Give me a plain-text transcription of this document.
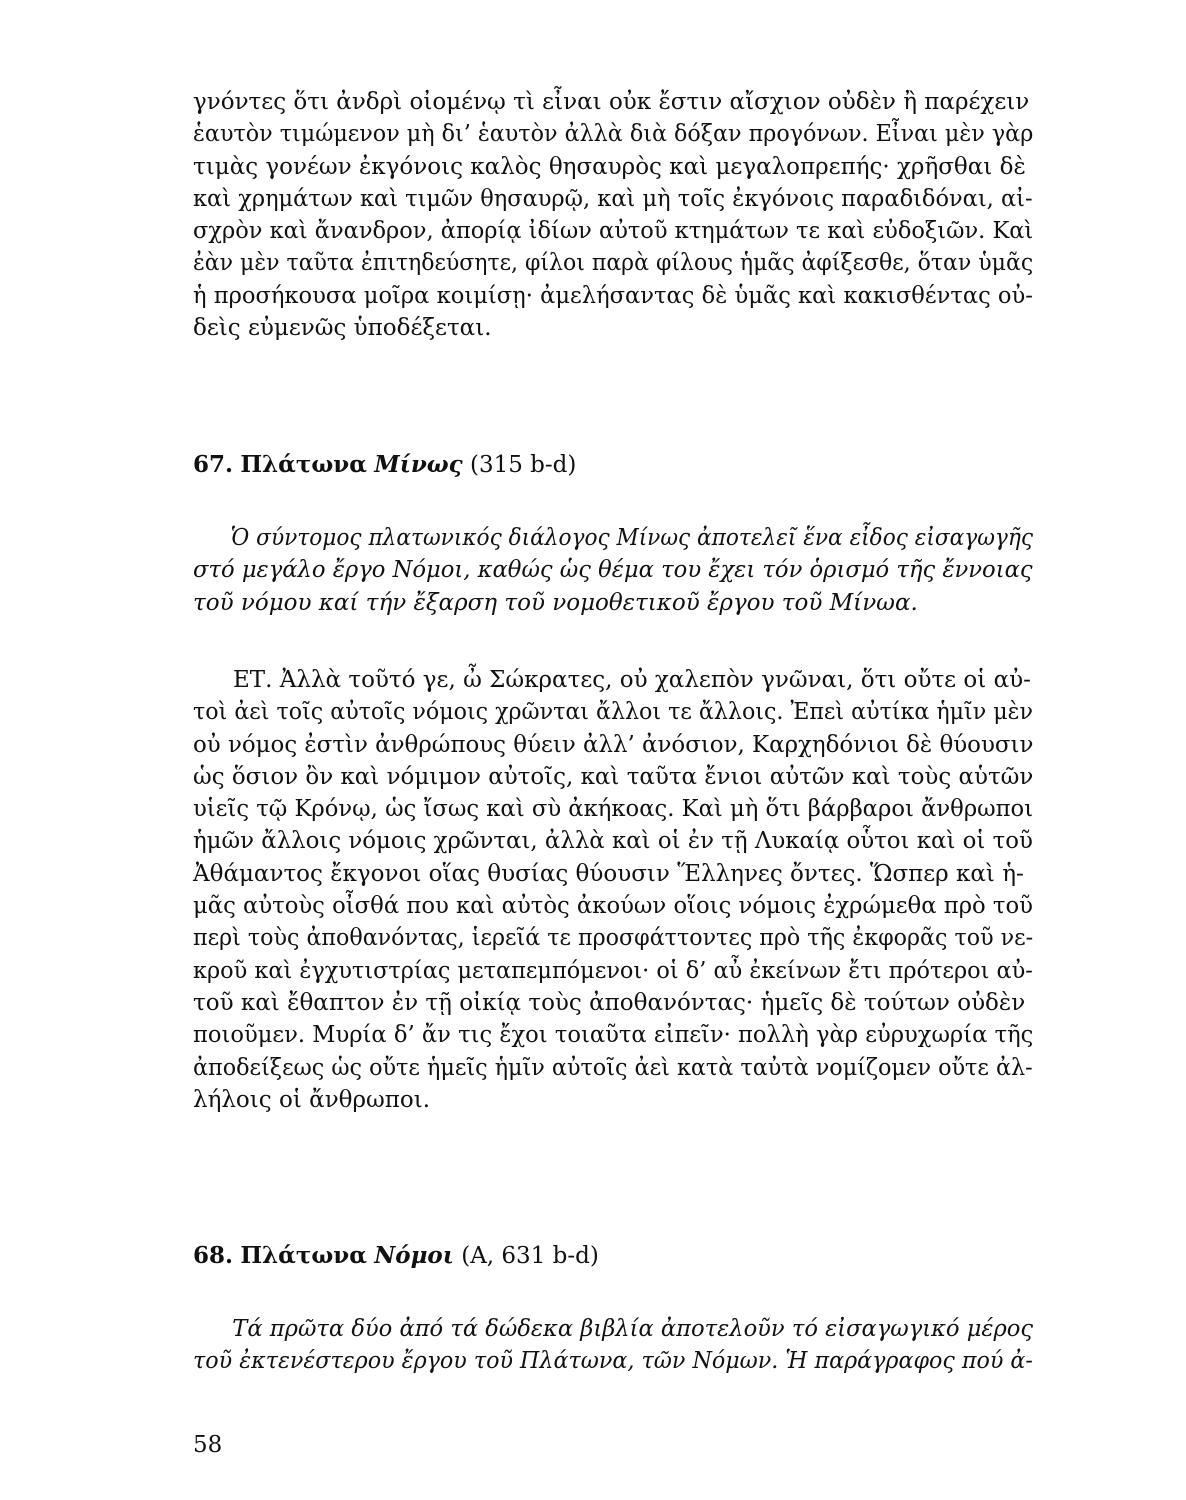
γνόντες ὅτι ἀνδρὶ οἰομένῳ τὶ εἶναι οὐκ ἔστιν αἴσχιον οὐδὲν ἢ παρέχειν
ἑαυτὸν τιμώμενον μὴ δι’ ἑαυτὸν ἀλλὰ διὰ δόξαν προγόνων. Εἶναι μὲν γὰρ
τιμὰς γονέων ἐκγόνοις καλὸς θησαυρὸς καὶ μεγαλοπρεπής· χρῆσθαι δὲ
καὶ χρημάτων καὶ τιμῶν θησαυρῷ, καὶ μὴ τοῖς ἐκγόνοις παραδιδόναι, αἰ-
σχρὸν καὶ ἄνανδρον, ἀπορίᾳ ἰδίων αὐτοῦ κτημάτων τε καὶ εὐδοξιῶν. Καὶ
ἐὰν μὲν ταῦτα ἐπιτηδεύσητε, φίλοι παρὰ φίλους ἡμᾶς ἀφίξεσθε, ὅταν ὑμᾶς
ἡ προσήκουσα μοῖρα κοιμίσῃ· ἀμελήσαντας δὲ ὑμᾶς καὶ κακισθέντας οὐ-
δεὶς εὐμενῶς ὑποδέξεται.
67. Πλάτωνα Μίνως (315 b-d)
Ὁ σύντομος πλατωνικός διάλογος Μίνως ἀποτελεῖ ἕνα εἶδος εἰσαγωγῆς
στό μεγάλο ἔργο Νόμοι, καθώς ὡς θέμα του ἔχει τόν ὁρισμό τῆς ἔννοιας
τοῦ νόμου καί τήν ἔξαρση τοῦ νομοθετικοῦ ἔργου τοῦ Μίνωα.
ΕΤ. Ἀλλὰ τοῦτό γε, ὦ Σώκρατες, οὐ χαλεπὸν γνῶναι, ὅτι οὔτε οἱ αὐ-
τοὶ ἀεὶ τοῖς αὐτοῖς νόμοις χρῶνται ἄλλοι τε ἄλλοις. Ἐπεὶ αὐτίκα ἡμῖν μὲν
οὐ νόμος ἐστὶν ἀνθρώπους θύειν ἀλλ’ ἀνόσιον, Καρχηδόνιοι δὲ θύουσιν
ὡς ὅσιον ὂν καὶ νόμιμον αὐτοῖς, καὶ ταῦτα ἔνιοι αὐτῶν καὶ τοὺς αὑτῶν
υἱεῖς τῷ Κρόνῳ, ὡς ἴσως καὶ σὺ ἀκήκοας. Καὶ μὴ ὅτι βάρβαροι ἄνθρωποι
ἡμῶν ἄλλοις νόμοις χρῶνται, ἀλλὰ καὶ οἱ ἐν τῇ Λυκαίᾳ οὗτοι καὶ οἱ τοῦ
Ἀθάμαντος ἔκγονοι οἵας θυσίας θύουσιν Ἕλληνες ὄντες. Ὥσπερ καὶ ἡ-
μᾶς αὐτοὺς οἶσθά που καὶ αὐτὸς ἀκούων οἵοις νόμοις ἐχρώμεθα πρὸ τοῦ
περὶ τοὺς ἀποθανόντας, ἱερεῖά τε προσφάττοντες πρὸ τῆς ἐκφορᾶς τοῦ νε-
κροῦ καὶ ἐγχυτιστρίας μεταπεμπόμενοι· οἱ δ’ αὖ ἐκείνων ἔτι πρότεροι αὐ-
τοῦ καὶ ἔθαπτον ἐν τῇ οἰκίᾳ τοὺς ἀποθανόντας· ἡμεῖς δὲ τούτων οὐδὲν
ποιοῦμεν. Μυρία δ’ ἄν τις ἔχοι τοιαῦτα εἰπεῖν· πολλὴ γὰρ εὐρυχωρία τῆς
ἀποδείξεως ὡς οὔτε ἡμεῖς ἡμῖν αὐτοῖς ἀεὶ κατὰ ταὐτὰ νομίζομεν οὔτε ἀλ-
λήλοις οἱ ἄνθρωποι.
68. Πλάτωνα Νόμοι (Α, 631 b-d)
Τά πρῶτα δύο ἀπό τά δώδεκα βιβλία ἀποτελοῦν τό εἰσαγωγικό μέρος
τοῦ ἐκτενέστερου ἔργου τοῦ Πλάτωνα, τῶν Νόμων. Ἡ παράγραφος πού ἀ-
58
